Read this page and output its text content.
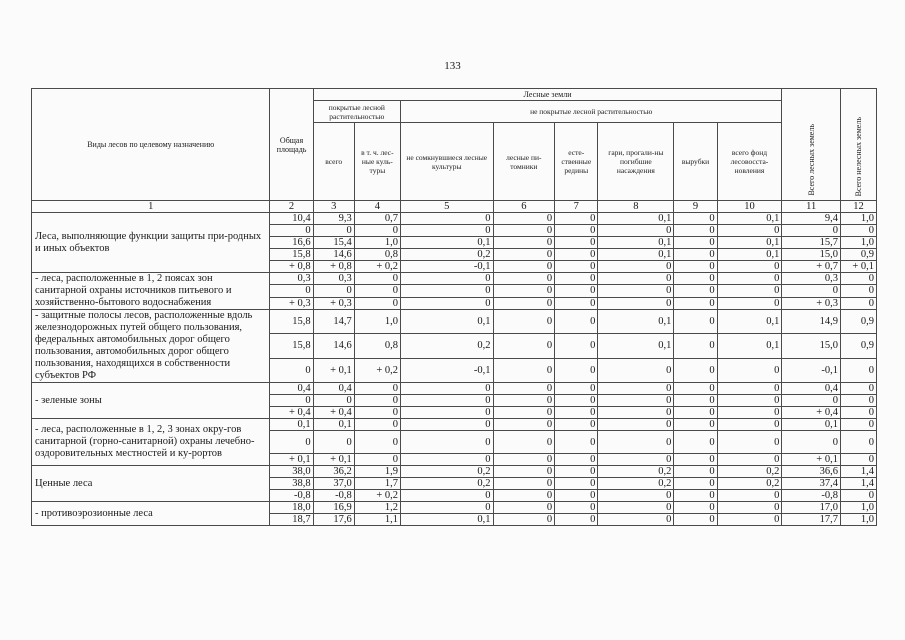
133
Виды лесов по целевому назначению	Общая площадь	Лесные земли								Всего лесных земель	Всего нелесных земель

		покрытые лесной растительностью		не покрытые лесной растительностью							
		всего	в т. ч. лес-ные куль-туры	не сомкнувшиеся лесные культуры	лесные пи-томники	есте-ственные редины	гари, прогали-ны погибшие насаждения	вырубки	всего фонд лесовосста-новления		
1	2	3	4	5	6	7	8	9	10	11	12
Леса, выполняющие функции защиты при-родных и иных объектов	10,4	9,3	0,7	0	0	0	0,1	0	0,1	9,4	1,0
	0	0	0	0	0	0	0	0	0	0	0
	16,6	15,4	1,0	0,1	0	0	0,1	0	0,1	15,7	1,0
	15,8	14,6	0,8	0,2	0	0	0,1	0	0,1	15,0	0,9
	+ 0,8	+ 0,8	+ 0,2	-0,1	0	0	0	0	0	+ 0,7	+ 0,1
- леса, расположенные в 1, 2 поясах зон санитарной охраны источников питьевого и хозяйственно-бытового водоснабжения	0,3	0,3	0	0	0	0	0	0	0	0,3	0
	0	0	0	0	0	0	0	0	0	0	0
	+ 0,3	+ 0,3	0	0	0	0	0	0	0	+ 0,3	0
- защитные полосы лесов, расположенные вдоль железнодорожных путей общего пользования, федеральных автомобильных дорог общего пользования, автомобильных дорог общего пользования, находящихся в собственности субъектов РФ	15,8	14,7	1,0	0,1	0	0	0,1	0	0,1	14,9	0,9
	15,8	14,6	0,8	0,2	0	0	0,1	0	0,1	15,0	0,9
	0	+ 0,1	+ 0,2	-0,1	0	0	0	0	0	-0,1	0
- зеленые зоны	0,4	0,4	0	0	0	0	0	0	0	0,4	0
	0	0	0	0	0	0	0	0	0	0	0
	+ 0,4	+ 0,4	0	0	0	0	0	0	0	+ 0,4	0
- леса, расположенные в 1, 2, 3 зонах окру-гов санитарной (горно-санитарной) охраны лечебно-оздоровительных местностей и ку-рортов	0,1	0,1	0	0	0	0	0	0	0	0,1	0
	0	0	0	0	0	0	0	0	0	0	0
	+ 0,1	+ 0,1	0	0	0	0	0	0	0	+ 0,1	0
Ценные леса	38,0	36,2	1,9	0,2	0	0	0,2	0	0,2	36,6	1,4
	38,8	37,0	1,7	0,2	0	0	0,2	0	0,2	37,4	1,4
	-0,8	-0,8	+ 0,2	0	0	0	0	0	0	-0,8	0
- противоэрозионные леса	18,0	16,9	1,2	0	0	0	0	0	0	17,0	1,0
	18,7	17,6	1,1	0,1	0	0	0	0	0	17,7	1,0
